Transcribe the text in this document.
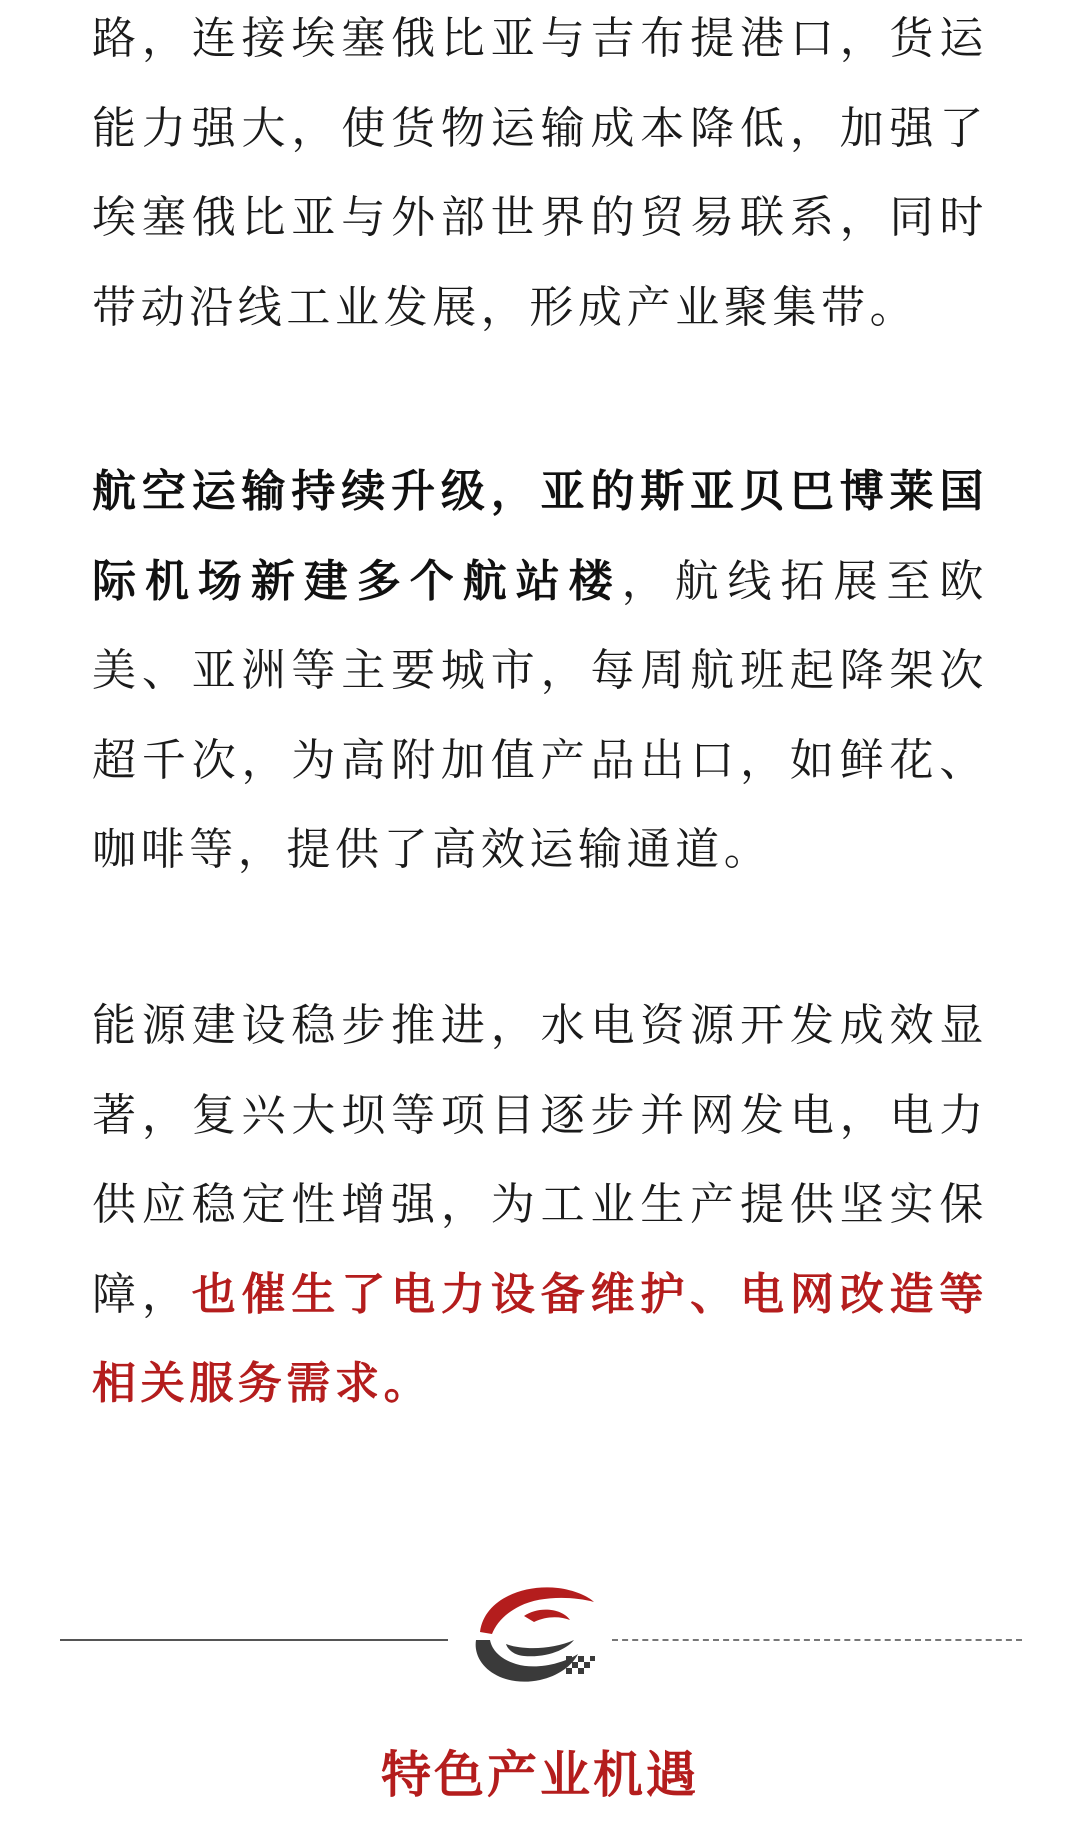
路，连接埃塞俄比亚与吉布提港口，货运能力强大，使货物运输成本降低，加强了埃塞俄比亚与外部世界的贸易联系，同时带动沿线工业发展，形成产业聚集带。

航空运输持续升级，亚的斯亚贝巴博莱国际机场新建多个航站楼，航线拓展至欧美、亚洲等主要城市，每周航班起降架次超千次，为高附加值产品出口，如鲜花、咖啡等，提供了高效运输通道。

能源建设稳步推进，水电资源开发成效显著，复兴大坝等项目逐步并网发电，电力供应稳定性增强，为工业生产提供坚实保障，也催生了电力设备维护、电网改造等相关服务需求。

特色产业机遇
